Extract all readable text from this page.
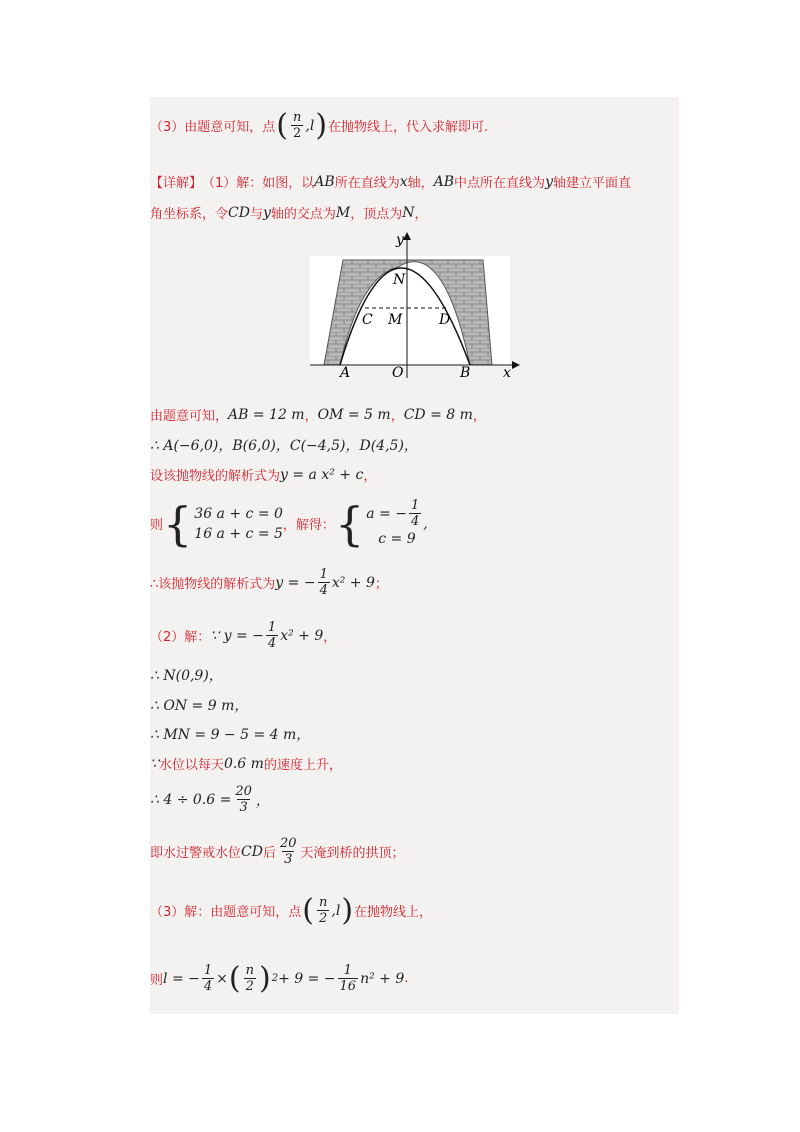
（3）由题意可知，点 ( $\frac{n}{2}$ , l ) 在抛物线上，代入求解即可.
【详解】 （1）解：如图，以 AB 所在直线为 x 轴， AB 中点所在直线为 y 轴建立平面直
角坐标系，令 CD 与 y 轴的交点为 M ，顶点为 N ，
y
N
C M	D
A	O	B x
由题意可知， AB = 12 m ， OM = 5 m ， CD = 8 m ，
∴ A(−6,0)，B(6,0)，C(−4,5)，D(4,5)，
设该抛物线的解析式为 y = a x² + c ，
则 { 36 a + c = 0
16 a + c = 5 ，解得： { a = − $\frac{1}{4}$
c = 9
,
∴该抛物线的解析式为 y = − $\frac{1}{4} x^2 + 9$ ；
（2）解： ∵ y = − $\frac{1}{4} x^2 + 9$ ，
∴ N(0,9)，
∴ ON = 9 m，
∴ MN = 9 − 5 = 4 m，
∵ 水位以每天 0.6 m 的速度上升，
∴ $4 \div 0.6 = \frac{20}{3}$ ，
即水过警戒水位 CD 后 $\frac{20}{3}$ 天淹到桥的拱顶；
（3）解：由题意可知，点 ( $\frac{n}{2}$ , l ) 在抛物线上，
则 l = − $\frac{1}{4}$ × ( $\frac{n}{2}$ ) 2 + 9 = − $\frac{1}{16} n^2 + 9$ .
